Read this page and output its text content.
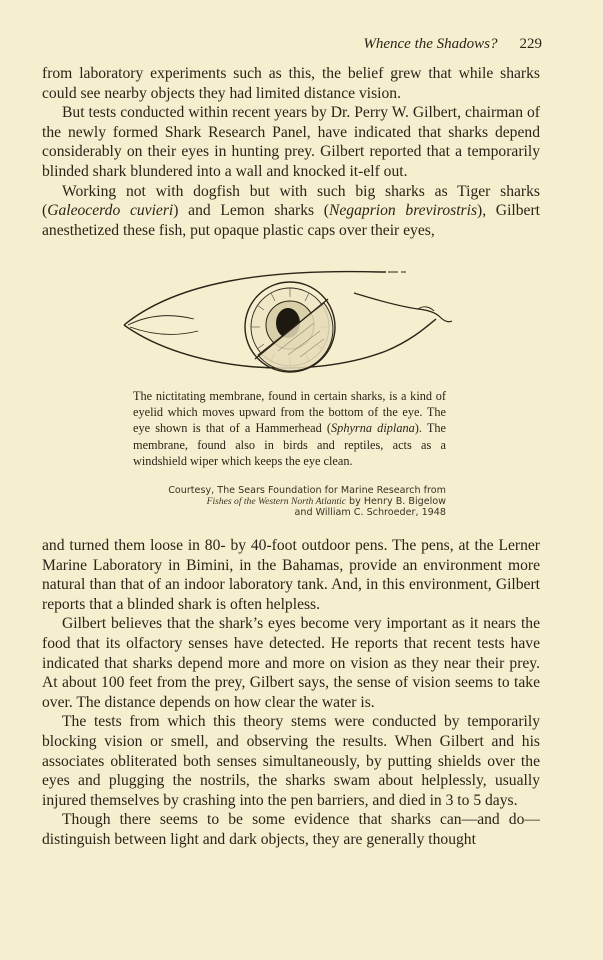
Whence the Shadows? 229

from laboratory experiments such as this, the belief grew that while sharks could see nearby objects they had limited distance vision.

But tests conducted within recent years by Dr. Perry W. Gilbert, chairman of the newly formed Shark Research Panel, have indicated that sharks depend considerably on their eyes in hunting prey. Gilbert reported that a temporarily blinded shark blundered into a wall and knocked it-elf out.

Working not with dogfish but with such big sharks as Tiger sharks (Galeocerdo cuvieri) and Lemon sharks (Negaprion brevirostris), Gilbert anesthetized these fish, put opaque plastic caps over their eyes,

The nictitating membrane, found in certain sharks, is a kind of eyelid which moves upward from the bottom of the eye. The eye shown is that of a Hammerhead (Sphyrna diplana). The membrane, found also in birds and reptiles, acts as a windshield wiper which keeps the eye clean.

Courtesy, The Sears Foundation for Marine Research from
Fishes of the Western North Atlantic by Henry B. Bigelow
and William C. Schroeder, 1948

and turned them loose in 80- by 40-foot outdoor pens. The pens, at the Lerner Marine Laboratory in Bimini, in the Bahamas, provide an environment more natural than that of an indoor laboratory tank. And, in this environment, Gilbert reports that a blinded shark is often helpless.

Gilbert believes that the shark’s eyes become very important as it nears the food that its olfactory senses have detected. He reports that recent tests have indicated that sharks depend more and more on vision as they near their prey. At about 100 feet from the prey, Gilbert says, the sense of vision seems to take over. The distance depends on how clear the water is.

The tests from which this theory stems were conducted by temporarily blocking vision or smell, and observing the results. When Gilbert and his associates obliterated both senses simultaneously, by putting shields over the eyes and plugging the nostrils, the sharks swam about helplessly, usually injured themselves by crashing into the pen barriers, and died in 3 to 5 days.

Though there seems to be some evidence that sharks can—and do—distinguish between light and dark objects, they are generally thought
